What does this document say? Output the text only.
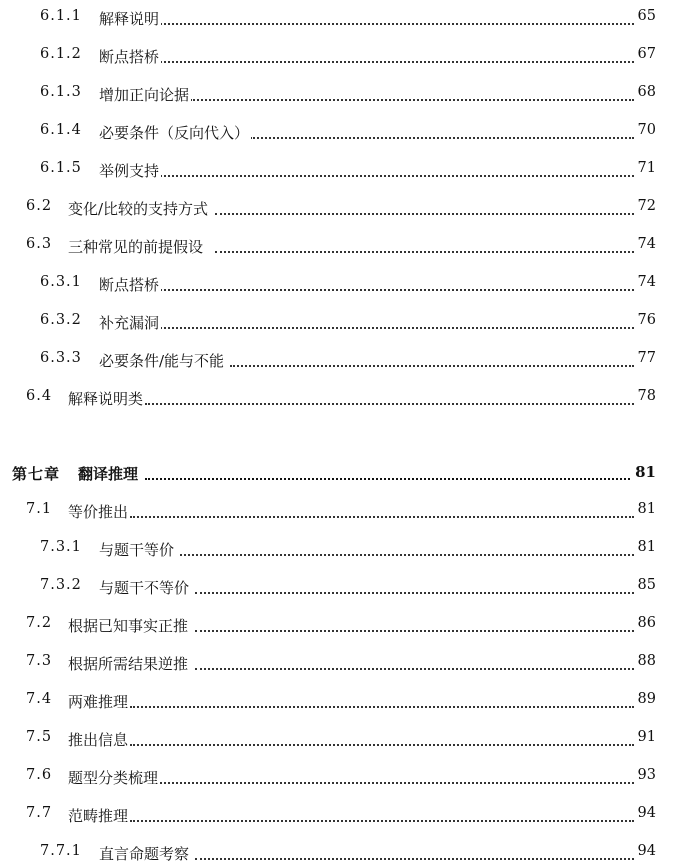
6.1.1 解释说明	65
6.1.2 断点搭桥	67
6.1.3 增加正向论据	68
6.1.4 必要条件（反向代入）	70
6.1.5 举例支持	71
6.2 变化/比较的支持方式	72
6.3 三种常见的前提假设	74
6.3.1 断点搭桥	74
6.3.2 补充漏洞	76
6.3.3 必要条件/能与不能	77
6.4 解释说明类	78
第七章 翻译推理	81
7.1 等价推出	81
7.3.1 与题干等价	81
7.3.2 与题干不等价	85
7.2 根据已知事实正推	86
7.3 根据所需结果逆推	88
7.4 两难推理	89
7.5 推出信息	91
7.6 题型分类梳理	93
7.7 范畴推理	94
7.7.1 直言命题考察	94
